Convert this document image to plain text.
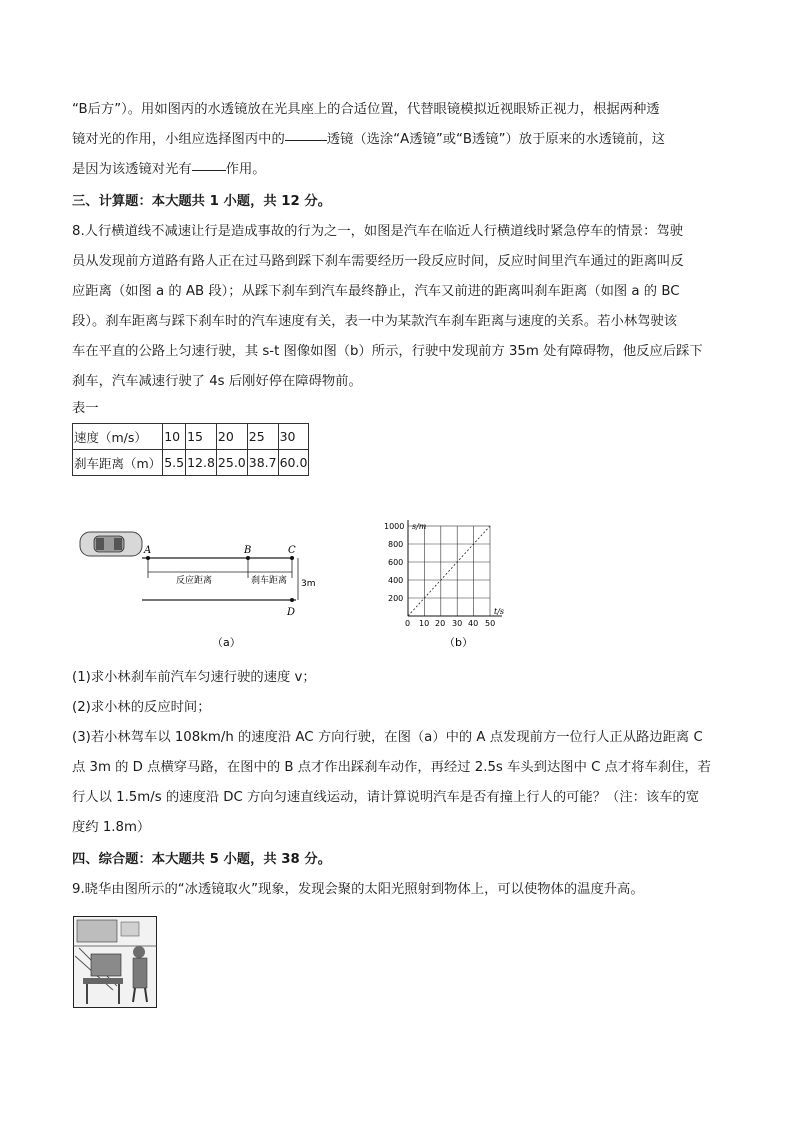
“B后方”）。用如图丙的水透镜放在光具座上的合适位置，代替眼镜模拟近视眼矫正视力，根据两种透

镜对光的作用，小组应选择图丙中的	透镜（选涂“A透镜”或“B透镜”）放于原来的水透镜前，这

是因为该透镜对光有	作用。

三、计算题：本大题共 1 小题，共 12 分。

8.人行横道线不减速让行是造成事故的行为之一，如图是汽车在临近人行横道线时紧急停车的情景：驾驶

员从发现前方道路有路人正在过马路到踩下刹车需要经历一段反应时间，反应时间里汽车通过的距离叫反

应距离（如图 a 的 AB 段）；从踩下刹车到汽车最终静止，汽车又前进的距离叫刹车距离（如图 a 的 BC

段）。刹车距离与踩下刹车时的汽车速度有关，表一中为某款汽车刹车距离与速度的关系。若小林驾驶该

车在平直的公路上匀速行驶，其 s-t 图像如图（b）所示，行驶中发现前方 35m 处有障碍物，他反应后踩下

刹车，汽车减速行驶了 4s 后刚好停在障碍物前。

表一

速度（m/s）	10	15	20	25	30
刹车距离（m）	5.5	12.8	25.0	38.7	60.0
A	B	C
D
反应距离	刹车距离 3m
（a）
s/m
t/s
1000
800
600
400
200
0 10 20 30 40 50
（b）

(1)求小林刹车前汽车匀速行驶的速度 v；

(2)求小林的反应时间；

(3)若小林驾车以 108km/h 的速度沿 AC 方向行驶，在图（a）中的 A 点发现前方一位行人正从路边距离 C

点 3m 的 D 点横穿马路，在图中的 B 点才作出踩刹车动作，再经过 2.5s 车头到达图中 C 点才将车刹住，若

行人以 1.5m/s 的速度沿 DC 方向匀速直线运动，请计算说明汽车是否有撞上行人的可能？（注：该车的宽

度约 1.8m）

四、综合题：本大题共 5 小题，共 38 分。

9.晓华由图所示的“冰透镜取火”现象，发现会聚的太阳光照射到物体上，可以使物体的温度升高。
